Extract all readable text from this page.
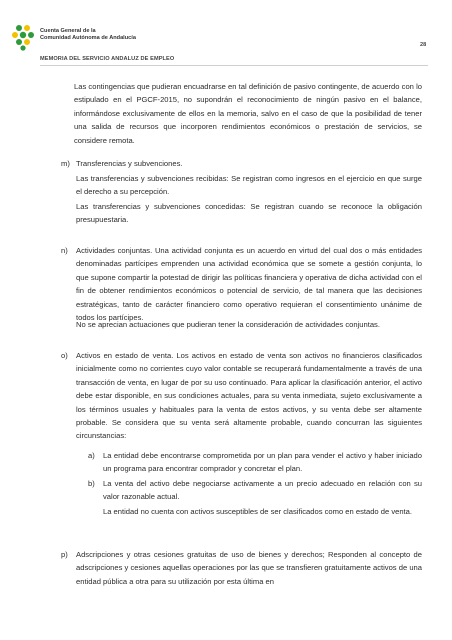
Cuenta General de la
Comunidad Autónoma de Andalucía
28
MEMORIA DEL SERVICIO ANDALUZ DE EMPLEO

Las contingencias que pudieran encuadrarse en tal definición de pasivo contingente, de acuerdo con lo estipulado en el PGCF-2015, no supondrán el reconocimiento de ningún pasivo en el balance, informándose exclusivamente de ellos en la memoria, salvo en el caso de que la posibilidad de tener una salida de recursos que incorporen rendimientos económicos o prestación de servicios, se considere remota.

m) Transferencias y subvenciones.

Las transferencias y subvenciones recibidas: Se registran como ingresos en el ejercicio en que surge el derecho a su percepción.

Las transferencias y subvenciones concedidas: Se registran cuando se reconoce la obligación presupuestaria.

n) Actividades conjuntas. Una actividad conjunta es un acuerdo en virtud del cual dos o más entidades denominadas partícipes emprenden una actividad económica que se somete a gestión conjunta, lo que supone compartir la potestad de dirigir las políticas financiera y operativa de dicha actividad con el fin de obtener rendimientos económicos o potencial de servicio, de tal manera que las decisiones estratégicas, tanto de carácter financiero como operativo requieran el consentimiento unánime de todos los partícipes.

No se aprecian actuaciones que pudieran tener la consideración de actividades conjuntas.

o) Activos en estado de venta. Los activos en estado de venta son activos no financieros clasificados inicialmente como no corrientes cuyo valor contable se recuperará fundamentalmente a través de una transacción de venta, en lugar de por su uso continuado. Para aplicar la clasificación anterior, el activo debe estar disponible, en sus condiciones actuales, para su venta inmediata, sujeto exclusivamente a los términos usuales y habituales para la venta de estos activos, y su venta debe ser altamente probable. Se considera que su venta será altamente probable, cuando concurran las siguientes circunstancias:

a) La entidad debe encontrarse comprometida por un plan para vender el activo y haber iniciado un programa para encontrar comprador y concretar el plan.

b) La venta del activo debe negociarse activamente a un precio adecuado en relación con su valor razonable actual.

La entidad no cuenta con activos susceptibles de ser clasificados como en estado de venta.

p) Adscripciones y otras cesiones gratuitas de uso de bienes y derechos; Responden al concepto de adscripciones y cesiones aquellas operaciones por las que se transfieren gratuitamente activos de una entidad pública a otra para su utilización por esta última en
